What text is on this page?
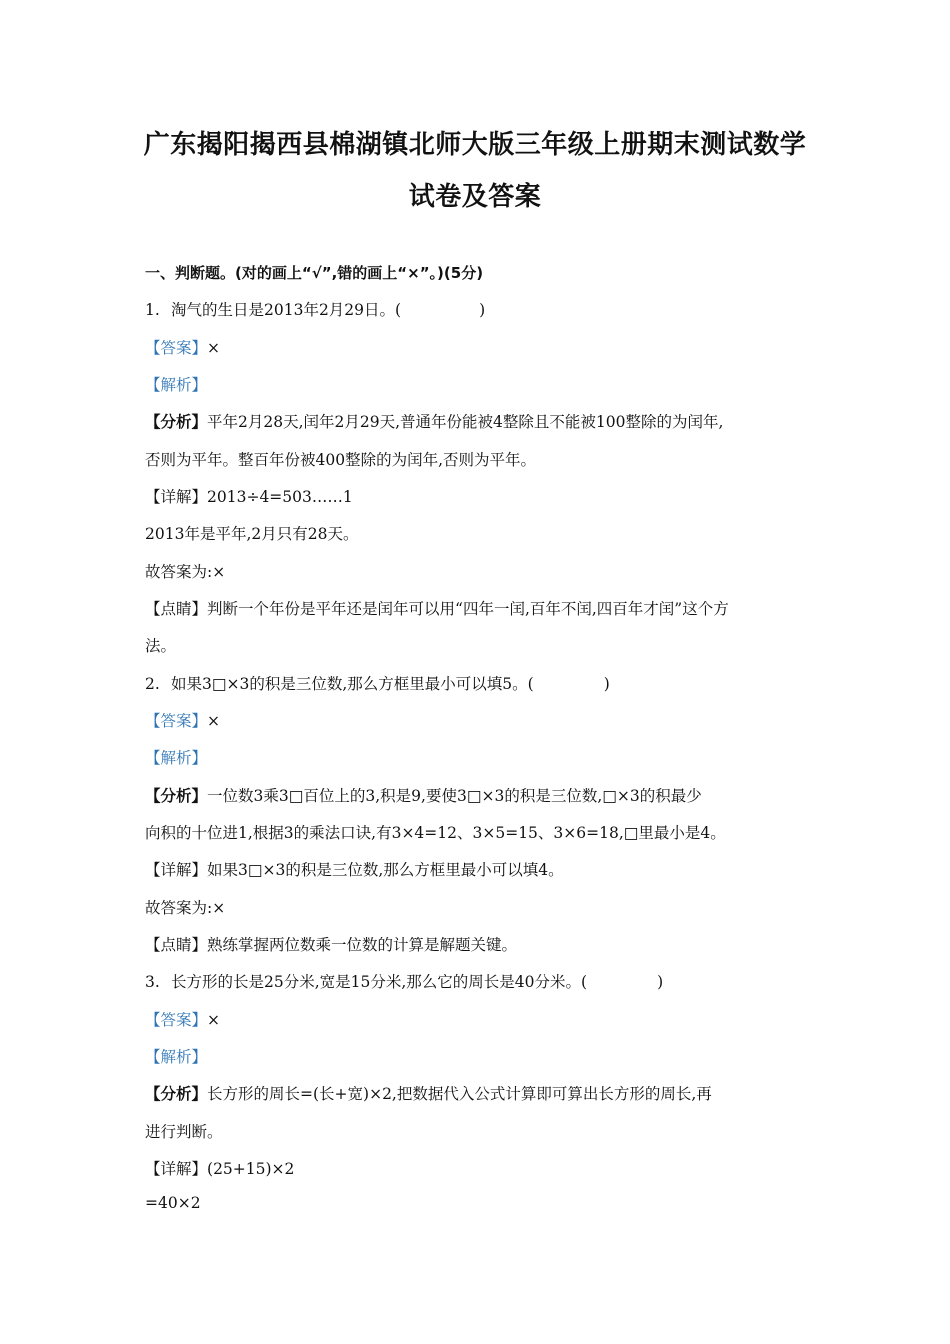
广东揭阳揭西县棉湖镇北师大版三年级上册期末测试数学
试卷及答案
一、判断题。(对的画上“√”,错的画上“×”。)(5分)
1. 淘气的生日是2013年2月29日。(	)
【答案】×
【解析】
【分析】平年2月28天,闰年2月29天,普通年份能被4整除且不能被100整除的为闰年,
否则为平年。整百年份被400整除的为闰年,否则为平年。
【详解】2013÷4=503……1
2013年是平年,2月只有28天。
故答案为:×
【点睛】判断一个年份是平年还是闰年可以用“四年一闰,百年不闰,四百年才闰”这个方
法。
2. 如果3□×3的积是三位数,那么方框里最小可以填5。(	)
【答案】×
【解析】
【分析】一位数3乘3□百位上的3,积是9,要使3□×3的积是三位数,□×3的积最少
向积的十位进1,根据3的乘法口诀,有3×4=12、3×5=15、3×6=18,□里最小是4。
【详解】如果3□×3的积是三位数,那么方框里最小可以填4。
故答案为:×
【点睛】熟练掌握两位数乘一位数的计算是解题关键。
3. 长方形的长是25分米,宽是15分米,那么它的周长是40分米。(	)
【答案】×
【解析】
【分析】长方形的周长=(长+宽)×2,把数据代入公式计算即可算出长方形的周长,再
进行判断。
【详解】(25+15)×2
=40×2
